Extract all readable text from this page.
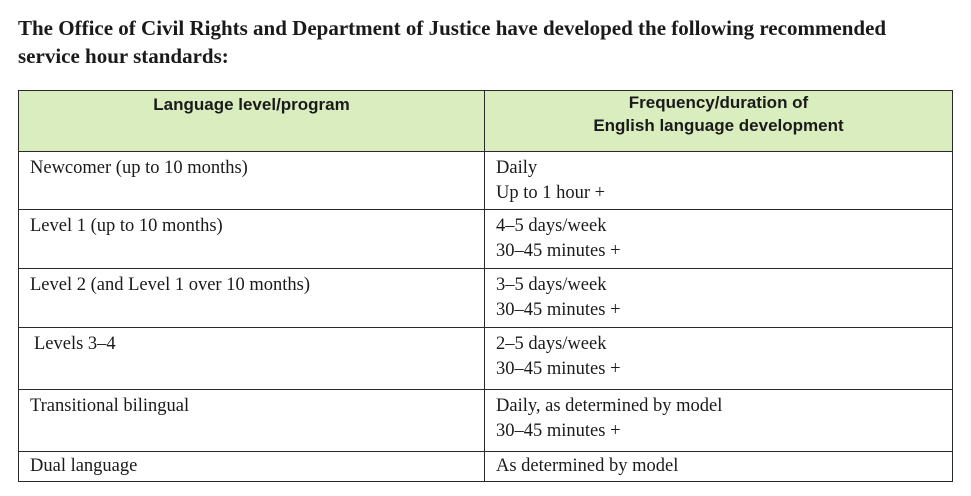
The Office of Civil Rights and Department of Justice have developed the following recommended service hour standards:

Language level/program	Frequency/duration of
English language development

Newcomer (up to 10 months)	Daily
Up to 1 hour +

Level 1 (up to 10 months)	4–5 days/week
30–45 minutes +

Level 2 (and Level 1 over 10 months)	3–5 days/week
30–45 minutes +

Levels 3–4	2–5 days/week
30–45 minutes +

Transitional bilingual	Daily, as determined by model
30–45 minutes +

Dual language	As determined by model
